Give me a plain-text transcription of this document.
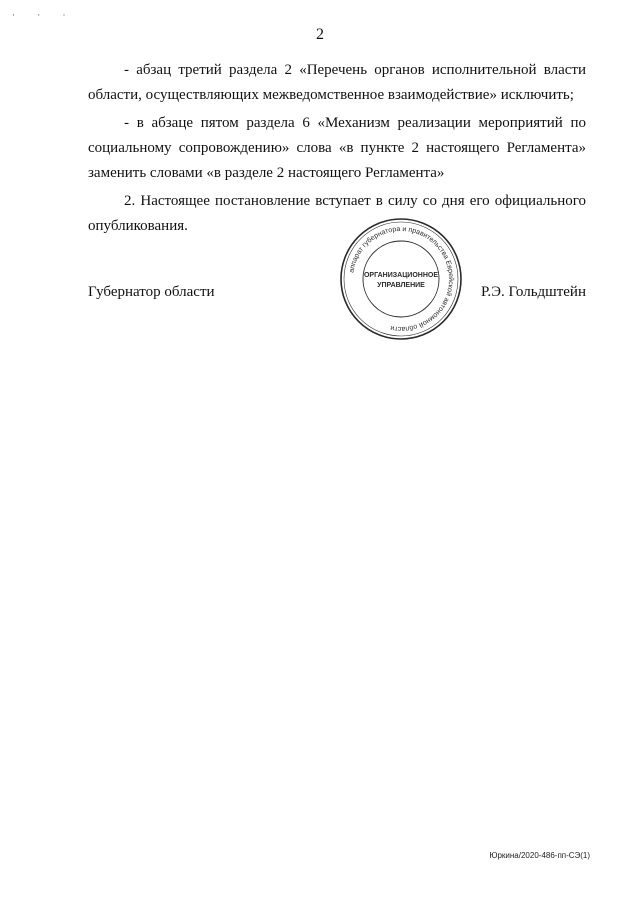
· · ·
2

- абзац третий раздела 2 «Перечень органов исполнительной власти области, осуществляющих межведомственное взаимодействие» исключить;

- в абзаце пятом раздела 6 «Механизм реализации мероприятий по социальному сопровождению» слова «в пункте 2 настоящего Регламента» заменить словами «в разделе 2 настоящего Регламента»

2. Настоящее постановление вступает в силу со дня его официального опубликования.

Губернатор области	Р.Э. Гольдштейн
аппарат губернатора и правительства Еврейской автономной области
ОРГАНИЗАЦИОННОЕ
УПРАВЛЕНИЕ
Юркина/2020-486-пп-СЭ(1)
